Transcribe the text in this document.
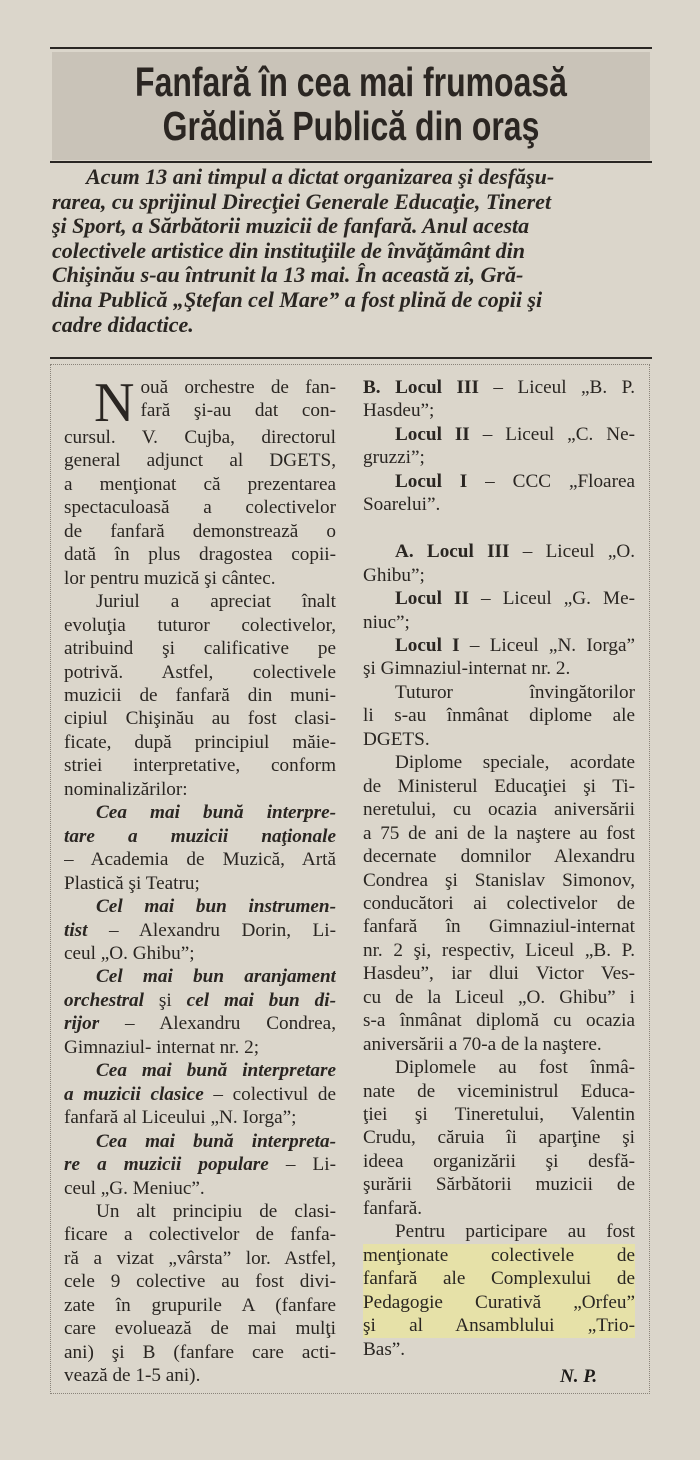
Fanfară în cea mai frumoasă
Grădină Publică din oraş

Acum 13 ani timpul a dictat organizarea şi desfăşu-
rarea, cu sprijinul Direcţiei Generale Educaţie, Tineret
şi Sport, a Sărbătorii muzicii de fanfară. Anul acesta
colectivele artistice din instituţiile de învăţământ din
Chişinău s-au întrunit la 13 mai. În această zi, Gră-
dina Publică „Ştefan cel Mare” a fost plină de copii şi
cadre didactice.

N ouă orchestre de fan-
fară şi-au dat con-
cursul. V. Cujba, directorul
general adjunct al DGETS,
a menţionat că prezentarea
spectaculoasă a colectivelor
de fanfară demonstrează o
dată în plus dragostea copii-
lor pentru muzică şi cântec.
Juriul a apreciat înalt
evoluţia tuturor colectivelor,
atribuind şi calificative pe
potrivă. Astfel, colectivele
muzicii de fanfară din muni-
cipiul Chişinău au fost clasi-
ficate, după principiul măie-
striei interpretative, conform
nominalizărilor:
Cea mai bună interpre-
tare a muzicii naţionale
– Academia de Muzică, Artă
Plastică şi Teatru;
Cel mai bun instrumen-
tist – Alexandru Dorin, Li-
ceul „O. Ghibu”;
Cel mai bun aranjament
orchestral şi cel mai bun di-
rijor – Alexandru Condrea,
Gimnaziul- internat nr. 2;
Cea mai bună interpretare
a muzicii clasice – colectivul de
fanfară al Liceului „N. Iorga”;
Cea mai bună interpreta-
re a muzicii populare – Li-
ceul „G. Meniuc”.
Un alt principiu de clasi-
ficare a colectivelor de fanfa-
ră a vizat „vârsta” lor. Astfel,
cele 9 colective au fost divi-
zate în grupurile A (fanfare
care evoluează de mai mulţi
ani) şi B (fanfare care acti-
vează de 1-5 ani).
B. Locul III – Liceul „B. P.
Hasdeu”;
Locul II – Liceul „C. Ne-
gruzzi”;
Locul I – CCC „Floarea
Soarelui”.
A. Locul III – Liceul „O.
Ghibu”;
Locul II – Liceul „G. Me-
niuc”;
Locul I – Liceul „N. Iorga”
şi Gimnaziul-internat nr. 2.
Tuturor învingătorilor
li s-au înmânat diplome ale
DGETS.
Diplome speciale, acordate
de Ministerul Educaţiei şi Ti-
neretului, cu ocazia aniversării
a 75 de ani de la naştere au fost
decernate domnilor Alexandru
Condrea şi Stanislav Simonov,
conducători ai colectivelor de
fanfară în Gimnaziul-internat
nr. 2 şi, respectiv, Liceul „B. P.
Hasdeu”, iar dlui Victor Ves-
cu de la Liceul „O. Ghibu” i
s-a înmânat diplomă cu ocazia
aniversării a 70-a de la naştere.
Diplomele au fost înmâ-
nate de viceministrul Educa-
ţiei şi Tineretului, Valentin
Crudu, căruia îi aparţine şi
ideea organizării şi desfă-
şurării Sărbătorii muzicii de
fanfară.
Pentru participare au fost
menţionate colectivele de
fanfară ale Complexului de
Pedagogie Curativă „Orfeu”
şi al Ansamblului „Trio-
Bas”.
N. P.
